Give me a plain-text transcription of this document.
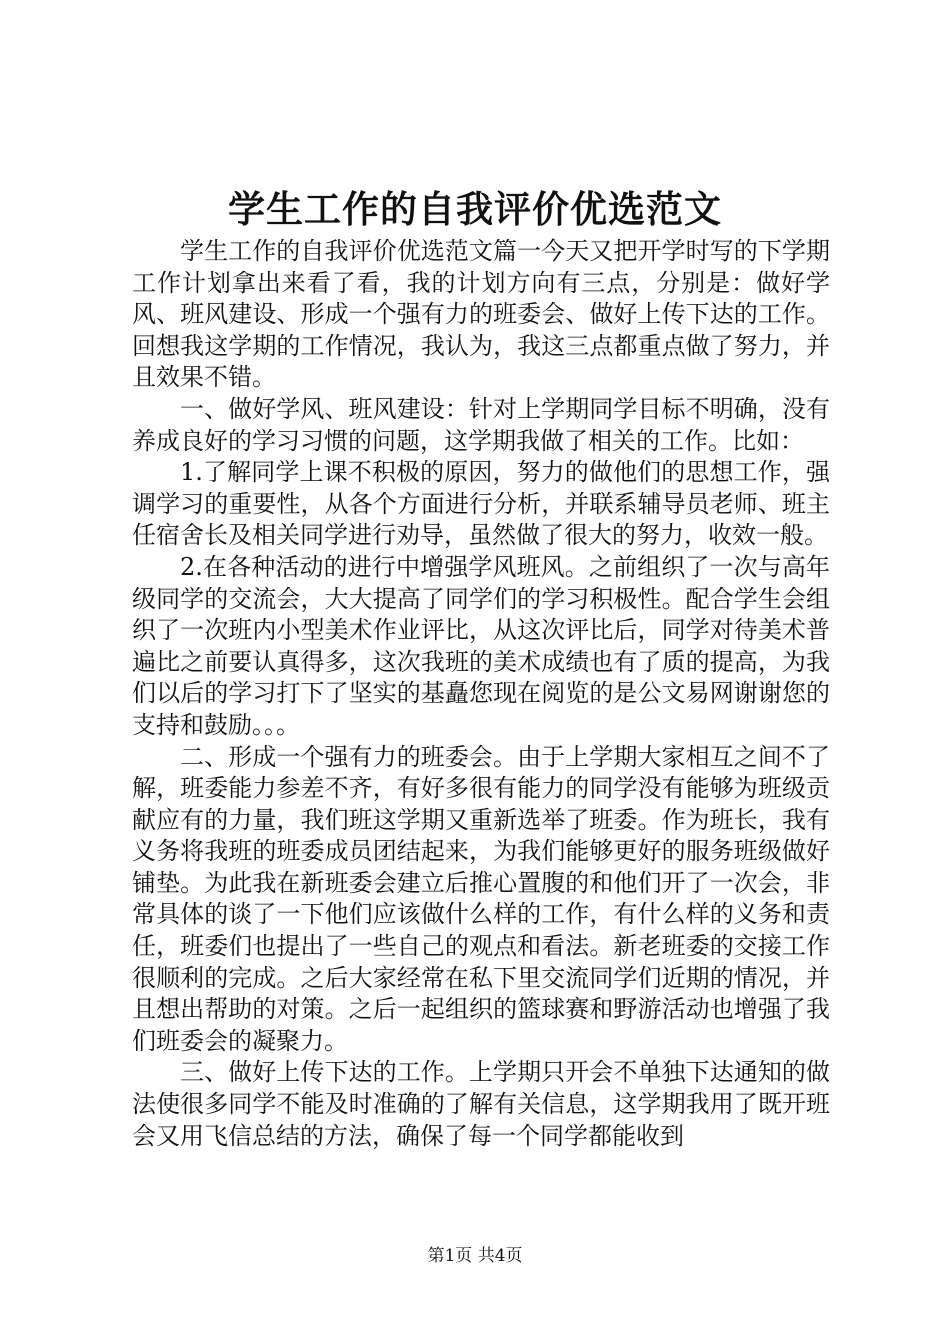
学生工作的自我评价优选范文

学生工作的自我评价优选范文篇一今天又把开学时写的下学期工作计划拿出来看了看，我的计划方向有三点，分别是：做好学风、班风建设、形成一个强有力的班委会、做好上传下达的工作。回想我这学期的工作情况，我认为，我这三点都重点做了努力，并且效果不错。

一、做好学风、班风建设：针对上学期同学目标不明确，没有养成良好的学习习惯的问题，这学期我做了相关的工作。比如：

1.了解同学上课不积极的原因，努力的做他们的思想工作，强调学习的重要性，从各个方面进行分析，并联系辅导员老师、班主任宿舍长及相关同学进行劝导，虽然做了很大的努力，收效一般。

2.在各种活动的进行中增强学风班风。之前组织了一次与高年级同学的交流会，大大提高了同学们的学习积极性。配合学生会组织了一次班内小型美术作业评比，从这次评比后，同学对待美术普遍比之前要认真得多，这次我班的美术成绩也有了质的提高，为我们以后的学习打下了坚实的基矗您现在阅览的是公文易网谢谢您的支持和鼓励。。。

二、形成一个强有力的班委会。由于上学期大家相互之间不了解，班委能力参差不齐，有好多很有能力的同学没有能够为班级贡献应有的力量，我们班这学期又重新选举了班委。作为班长，我有义务将我班的班委成员团结起来，为我们能够更好的服务班级做好铺垫。为此我在新班委会建立后推心置腹的和他们开了一次会，非常具体的谈了一下他们应该做什么样的工作，有什么样的义务和责任，班委们也提出了一些自己的观点和看法。新老班委的交接工作很顺利的完成。之后大家经常在私下里交流同学们近期的情况，并且想出帮助的对策。之后一起组织的篮球赛和野游活动也增强了我们班委会的凝聚力。

三、做好上传下达的工作。上学期只开会不单独下达通知的做法使很多同学不能及时准确的了解有关信息，这学期我用了既开班会又用飞信总结的方法，确保了每一个同学都能收到

第1页 共4页
